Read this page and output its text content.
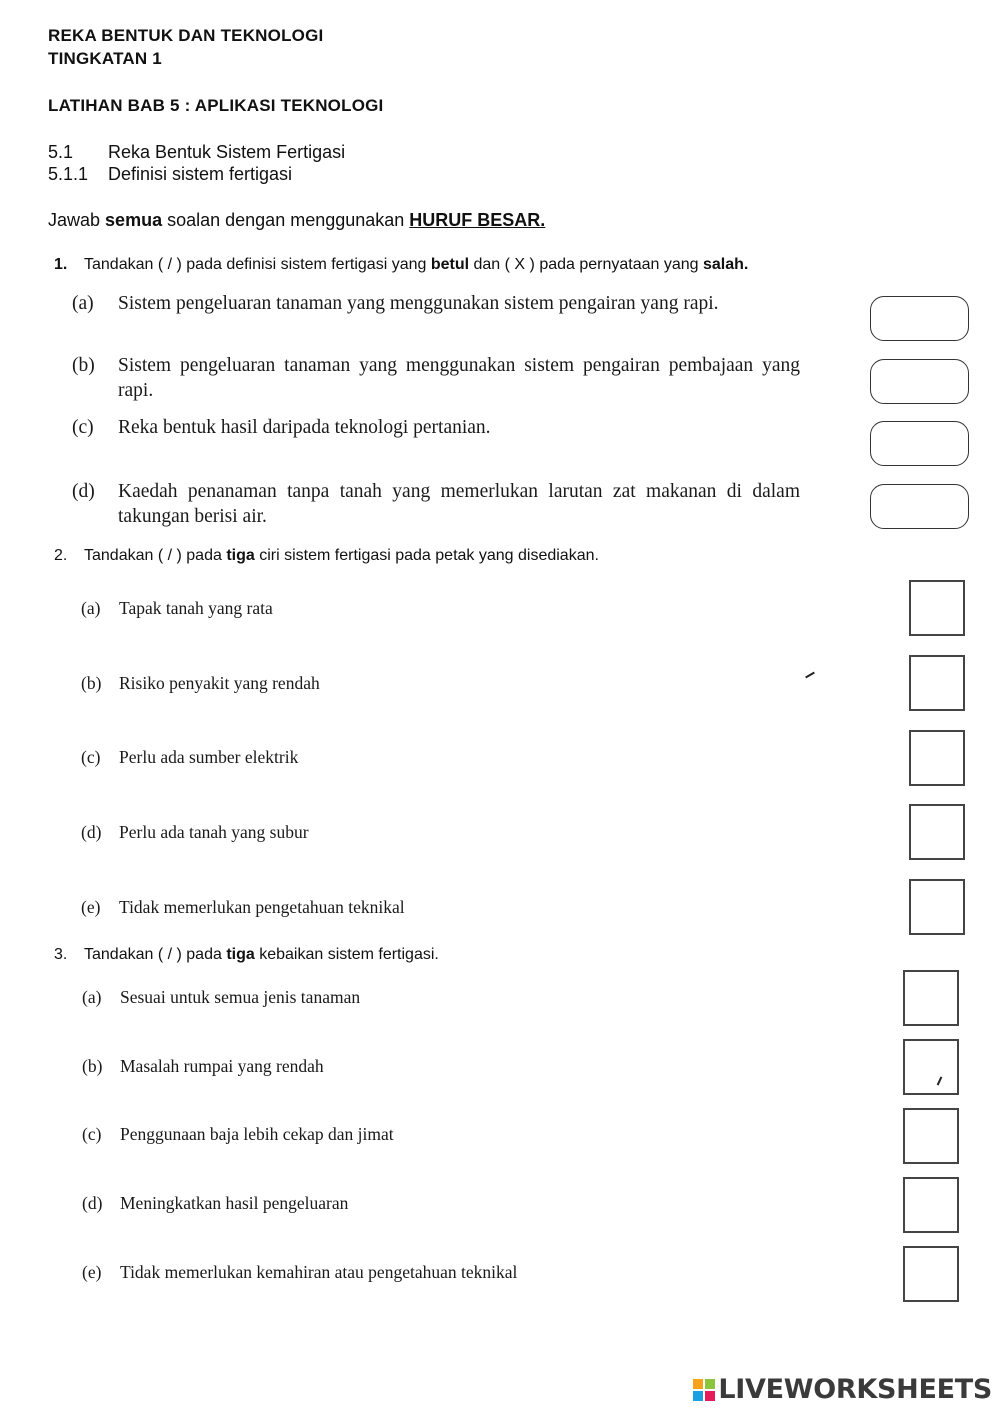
REKA BENTUK DAN TEKNOLOGI
TINGKATAN 1
LATIHAN BAB 5 : APLIKASI TEKNOLOGI
5.1 Reka Bentuk Sistem Fertigasi
5.1.1 Definisi sistem fertigasi
Jawab semua soalan dengan menggunakan HURUF BESAR.
1. Tandakan ( / ) pada definisi sistem fertigasi yang betul dan ( X ) pada pernyataan yang salah.
(a)	Sistem pengeluaran tanaman yang menggunakan sistem pengairan yang rapi.
(b)	Sistem pengeluaran tanaman yang menggunakan sistem pengairan pembajaan yang rapi.
(c)	Reka bentuk hasil daripada teknologi pertanian.
(d)	Kaedah penanaman tanpa tanah yang memerlukan larutan zat makanan di dalam takungan berisi air.
2. Tandakan ( / ) pada tiga ciri sistem fertigasi pada petak yang disediakan.
(a) Tapak tanah yang rata
(b) Risiko penyakit yang rendah
(c) Perlu ada sumber elektrik
(d) Perlu ada tanah yang subur
(e) Tidak memerlukan pengetahuan teknikal
3. Tandakan ( / ) pada tiga kebaikan sistem fertigasi.
(a) Sesuai untuk semua jenis tanaman
(b) Masalah rumpai yang rendah
(c) Penggunaan baja lebih cekap dan jimat
(d) Meningkatkan hasil pengeluaran
(e) Tidak memerlukan kemahiran atau pengetahuan teknikal
LIVEWORKSHEETS
